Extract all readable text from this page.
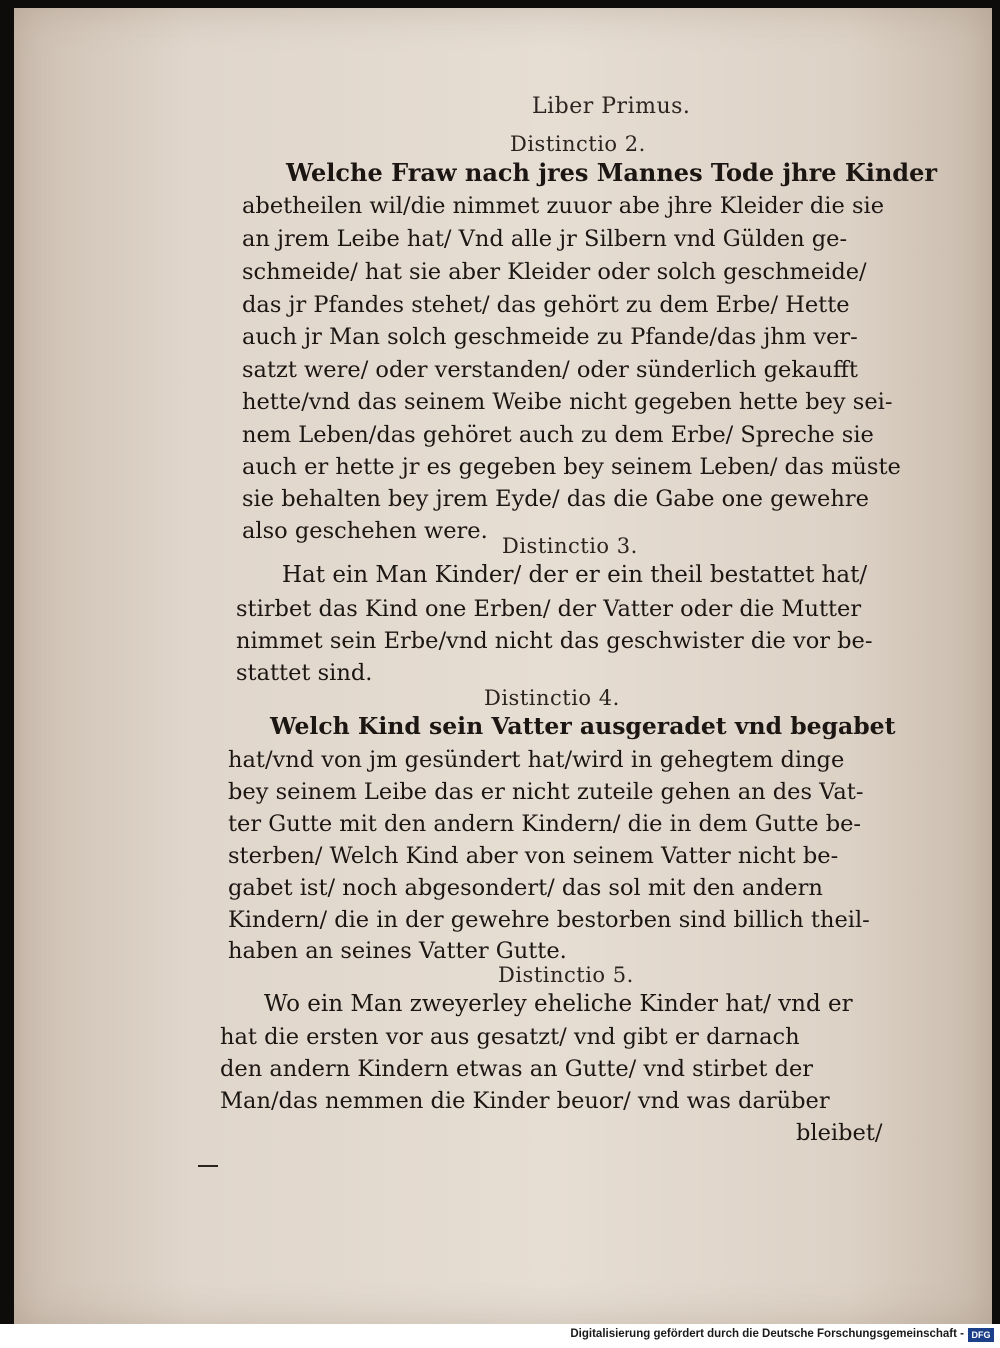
Liber Primus.
Distinctio 2.
Welche Fraw nach jres Mannes Tode jhre Kinder
abetheilen wil/die nimmet zuuor abe jhre Kleider die sie
an jrem Leibe hat/ Vnd alle jr Silbern vnd Gülden ge-
schmeide/ hat sie aber Kleider oder solch geschmeide/
das jr Pfandes stehet/ das gehört zu dem Erbe/ Hette
auch jr Man solch geschmeide zu Pfande/das jhm ver-
satzt were/ oder verstanden/ oder sünderlich gekaufft
hette/vnd das seinem Weibe nicht gegeben hette bey sei-
nem Leben/das gehöret auch zu dem Erbe/ Spreche sie
auch er hette jr es gegeben bey seinem Leben/ das müste
sie behalten bey jrem Eyde/ das die Gabe one gewehre
also geschehen were.
Distinctio 3.
Hat ein Man Kinder/ der er ein theil bestattet hat/
stirbet das Kind one Erben/ der Vatter oder die Mutter
nimmet sein Erbe/vnd nicht das geschwister die vor be-
stattet sind.
Distinctio 4.
Welch Kind sein Vatter ausgeradet vnd begabet
hat/vnd von jm gesündert hat/wird in gehegtem dinge
bey seinem Leibe das er nicht zuteile gehen an des Vat-
ter Gutte mit den andern Kindern/ die in dem Gutte be-
sterben/ Welch Kind aber von seinem Vatter nicht be-
gabet ist/ noch abgesondert/ das sol mit den andern
Kindern/ die in der gewehre bestorben sind billich theil-
haben an seines Vatter Gutte.
Distinctio 5.
Wo ein Man zweyerley eheliche Kinder hat/ vnd er
hat die ersten vor aus gesatzt/ vnd gibt er darnach
den andern Kindern etwas an Gutte/ vnd stirbet der
Man/das nemmen die Kinder beuor/ vnd was darüber
bleibet/
Digitalisierung gefördert durch die Deutsche Forschungsgemeinschaft - DFG
